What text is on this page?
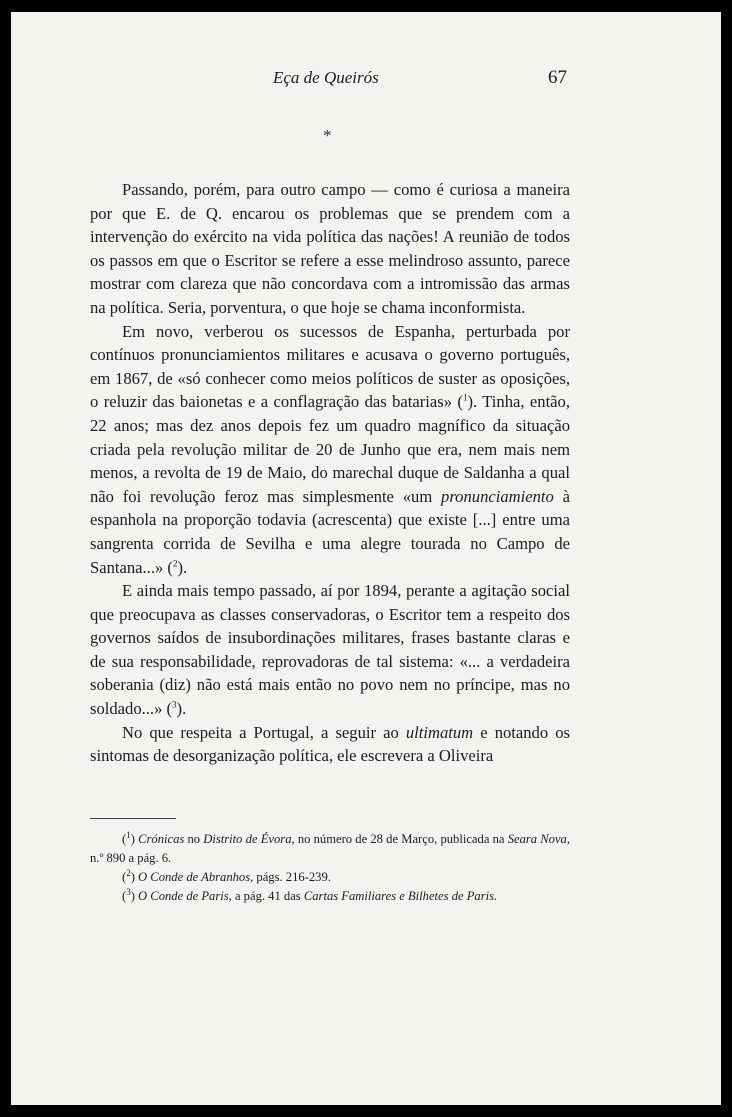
Eça de Queirós	67
*

Passando, porém, para outro campo — como é curiosa a maneira por que E. de Q. encarou os problemas que se prendem com a intervenção do exército na vida política das nações! A reunião de todos os passos em que o Escritor se refere a esse melindroso assunto, parece mostrar com clareza que não concordava com a intromissão das armas na política. Seria, porventura, o que hoje se chama inconformista.

Em novo, verberou os sucessos de Espanha, perturbada por contínuos pronunciamientos militares e acusava o governo português, em 1867, de «só conhecer como meios políticos de suster as oposições, o reluzir das baionetas e a conflagração das batarias» ($^1$). Tinha, então, 22 anos; mas dez anos depois fez um quadro magnífico da situação criada pela revolução militar de 20 de Junho que era, nem mais nem menos, a revolta de 19 de Maio, do marechal duque de Saldanha a qual não foi revolução feroz mas simplesmente «um pronunciamiento à espanhola na proporção todavia (acrescenta) que existe [...] entre uma sangrenta corrida de Sevilha e uma alegre tourada no Campo de Santana...» ($^2$).

E ainda mais tempo passado, aí por 1894, perante a agitação social que preocupava as classes conservadoras, o Escritor tem a respeito dos governos saídos de insubordinações militares, frases bastante claras e de sua responsabilidade, reprovadoras de tal sistema: «... a verdadeira soberania (diz) não está mais então no povo nem no príncipe, mas no soldado...» ($^3$).

No que respeita a Portugal, a seguir ao ultimatum e notando os sintomas de desorganização política, ele escrevera a Oliveira

($^1$) Crónicas no Distrito de Évora, no número de 28 de Março, publicada na Seara Nova, n.º 890 a pág. 6.

($^2$) O Conde de Abranhos, págs. 216-239.

($^3$) O Conde de Paris, a pág. 41 das Cartas Familiares e Bilhetes de Paris.
